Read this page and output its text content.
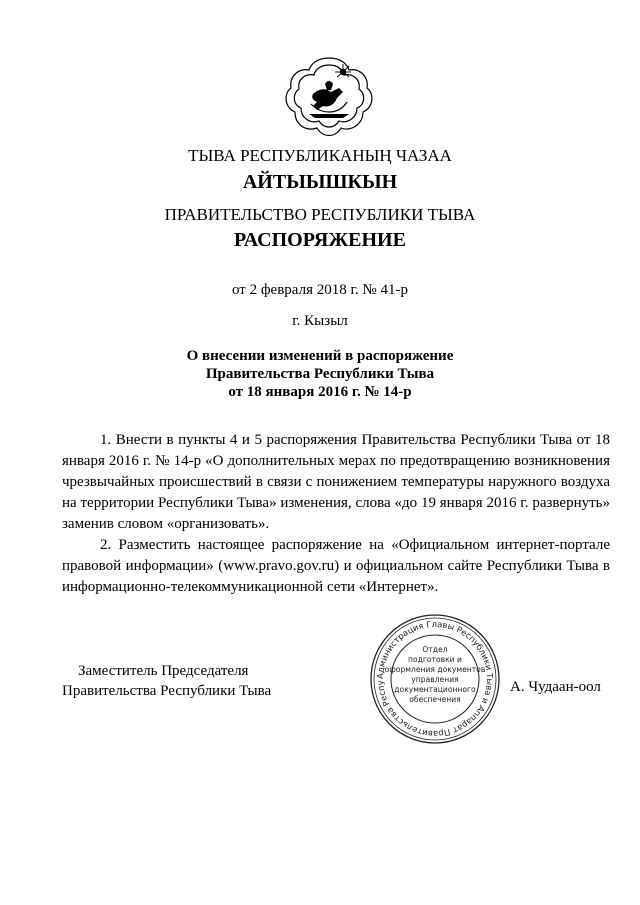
ТЫВА РЕСПУБЛИКАНЫҢ ЧАЗАА
АЙТЫЫШКЫН
ПРАВИТЕЛЬСТВО РЕСПУБЛИКИ ТЫВА
РАСПОРЯЖЕНИЕ
от 2 февраля 2018 г. № 41-р
г. Кызыл
О внесении изменений в распоряжение
Правительства Республики Тыва
от 18 января 2016 г. № 14-р

1. Внести в пункты 4 и 5 распоряжения Правительства Республики Тыва от 18 января 2016 г. № 14-р «О дополнительных мерах по предотвращению возникновения чрезвычайных происшествий в связи с понижением температуры наружного воздуха на территории Республики Тыва» изменения, слова «до 19 января 2016 г. развернуть» заменив словом «организовать».

2. Разместить настоящее распоряжение на «Официальном интернет-портале правовой информации» (www.pravo.gov.ru) и официальном сайте Республики Тыва в информационно-телекоммуникационной сети «Интернет».

Заместитель Председателя
Правительства Республики Тыва	А. Чудаан-оол
Администрация Главы Республики Тыва и Аппарат Правительства Респу
Отдел
подготовки и
оформления документов
управления
документационного
обеспечения
